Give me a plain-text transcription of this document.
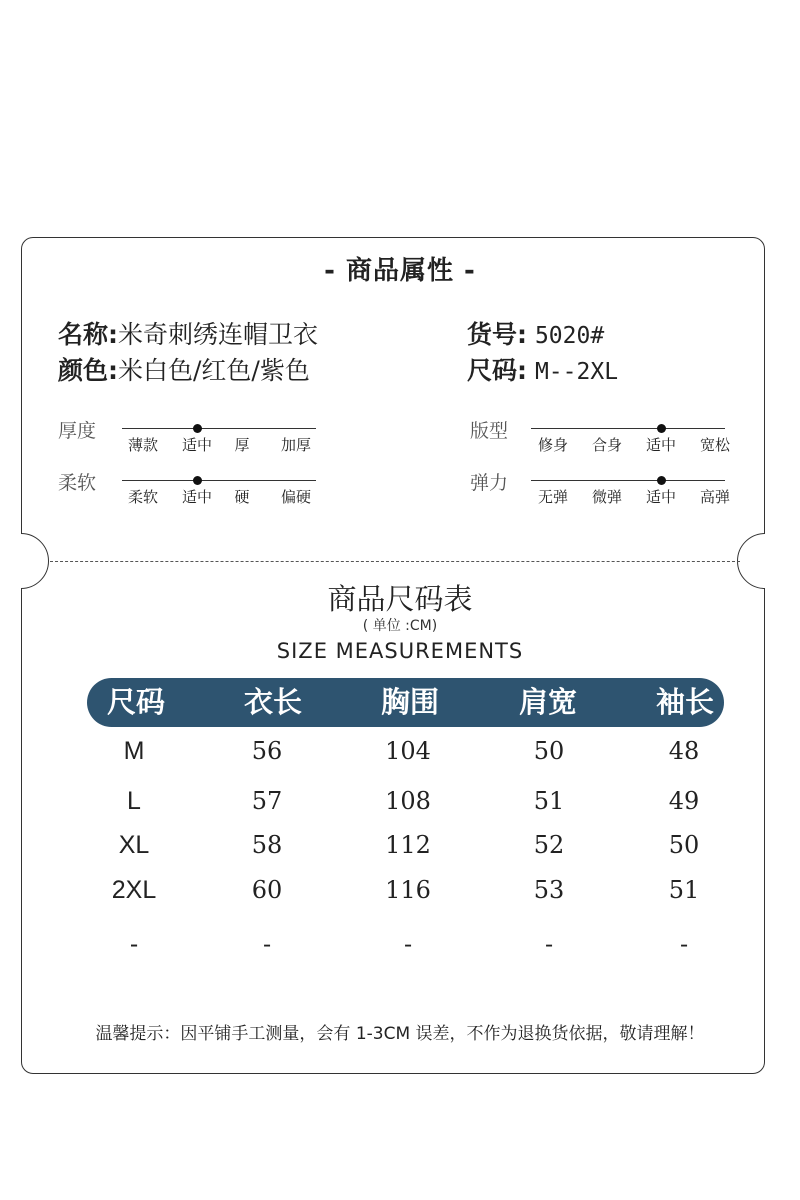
- 商品属性 -
名称:米奇刺绣连帽卫衣
颜色:米白色/红色/紫色
货号: 5020#
尺码: M--2XL
厚度
薄款 适中 厚 加厚
柔软
柔软 适中 硬 偏硬
版型
修身 合身 适中 宽松
弹力
无弹 微弹 适中 高弹
商品尺码表
( 单位 :CM)
SIZE MEASUREMENTS
尺码	衣长	胸围	肩宽	袖长
M	56	104	50	48
L	57	108	51	49
XL	58	112	52	50
2XL	60	116	53	51
-	-	-	-	-
温馨提示：因平铺手工测量，会有 1-3CM 误差，不作为退换货依据，敬请理解！
